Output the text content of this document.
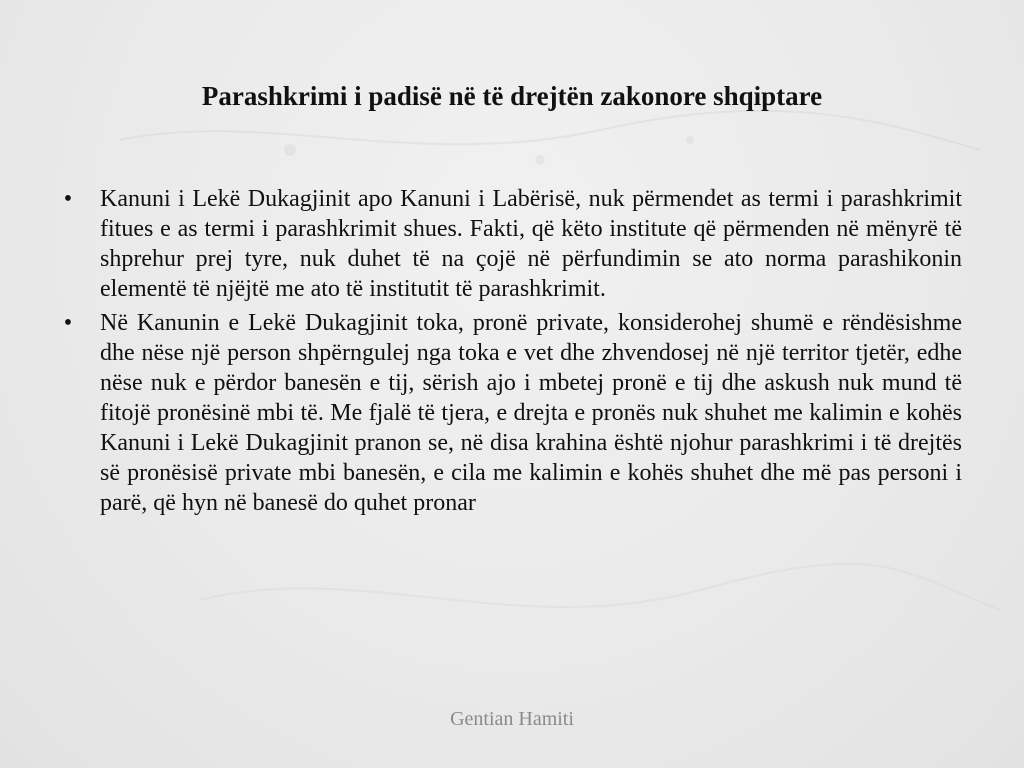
Parashkrimi i padisë në të drejtën zakonore shqiptare
• Kanuni i Lekë Dukagjinit apo Kanuni i Labërisë, nuk përmendet as termi i parashkrimit fitues e as termi i parashkrimit shues. Fakti, që këto institute që përmenden në mënyrë të shprehur prej tyre, nuk duhet të na çojë në përfundimin se ato norma parashikonin elementë të njëjtë me ato të institutit të parashkrimit.
• Në Kanunin e Lekë Dukagjinit toka, pronë private, konsiderohej shumë e rëndësishme dhe nëse një person shpërngulej nga toka e vet dhe zhvendosej në një territor tjetër, edhe nëse nuk e përdor banesën e tij, sërish ajo i mbetej pronë e tij dhe askush nuk mund të fitojë pronësinë mbi të. Me fjalë të tjera, e drejta e pronës nuk shuhet me kalimin e kohës Kanuni i Lekë Dukagjinit pranon se, në disa krahina është njohur parashkrimi i të drejtës së pronësisë private mbi banesën, e cila me kalimin e kohës shuhet dhe më pas personi i parë, që hyn në banesë do quhet pronar
Gentian Hamiti
